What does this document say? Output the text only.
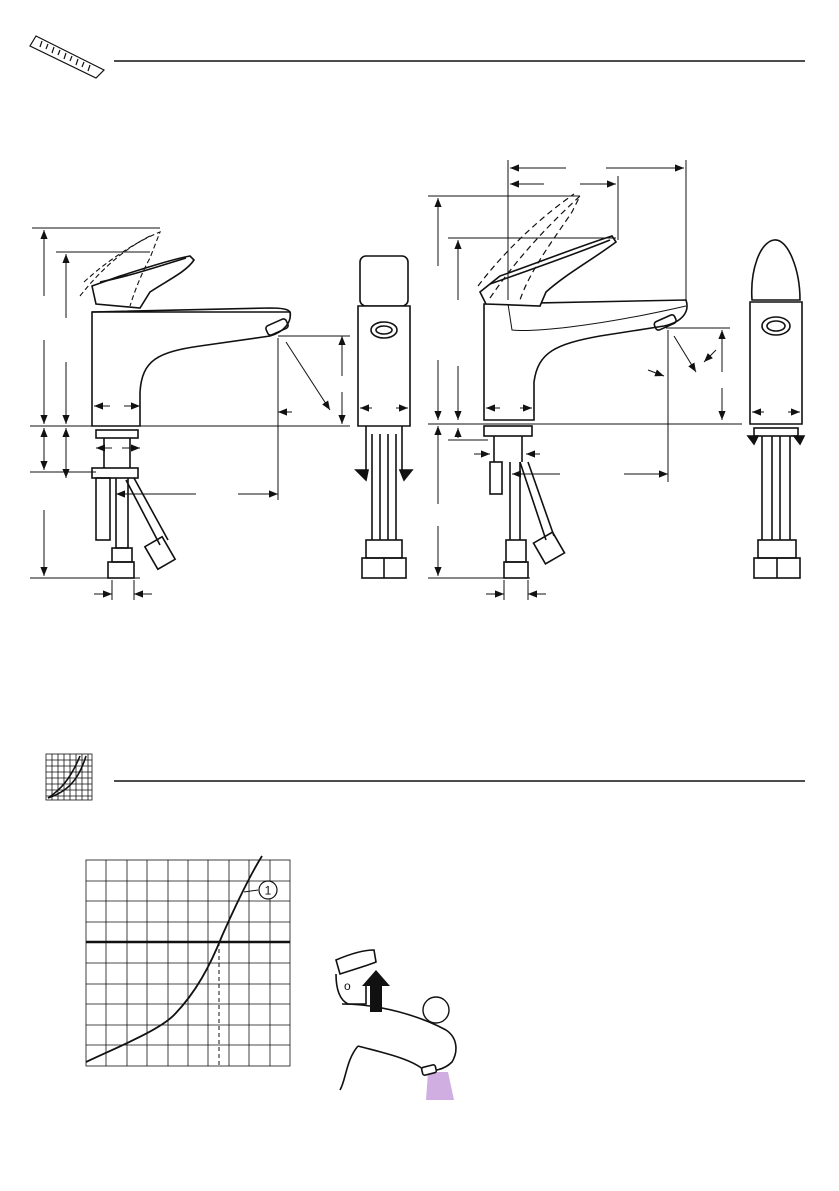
1
o
